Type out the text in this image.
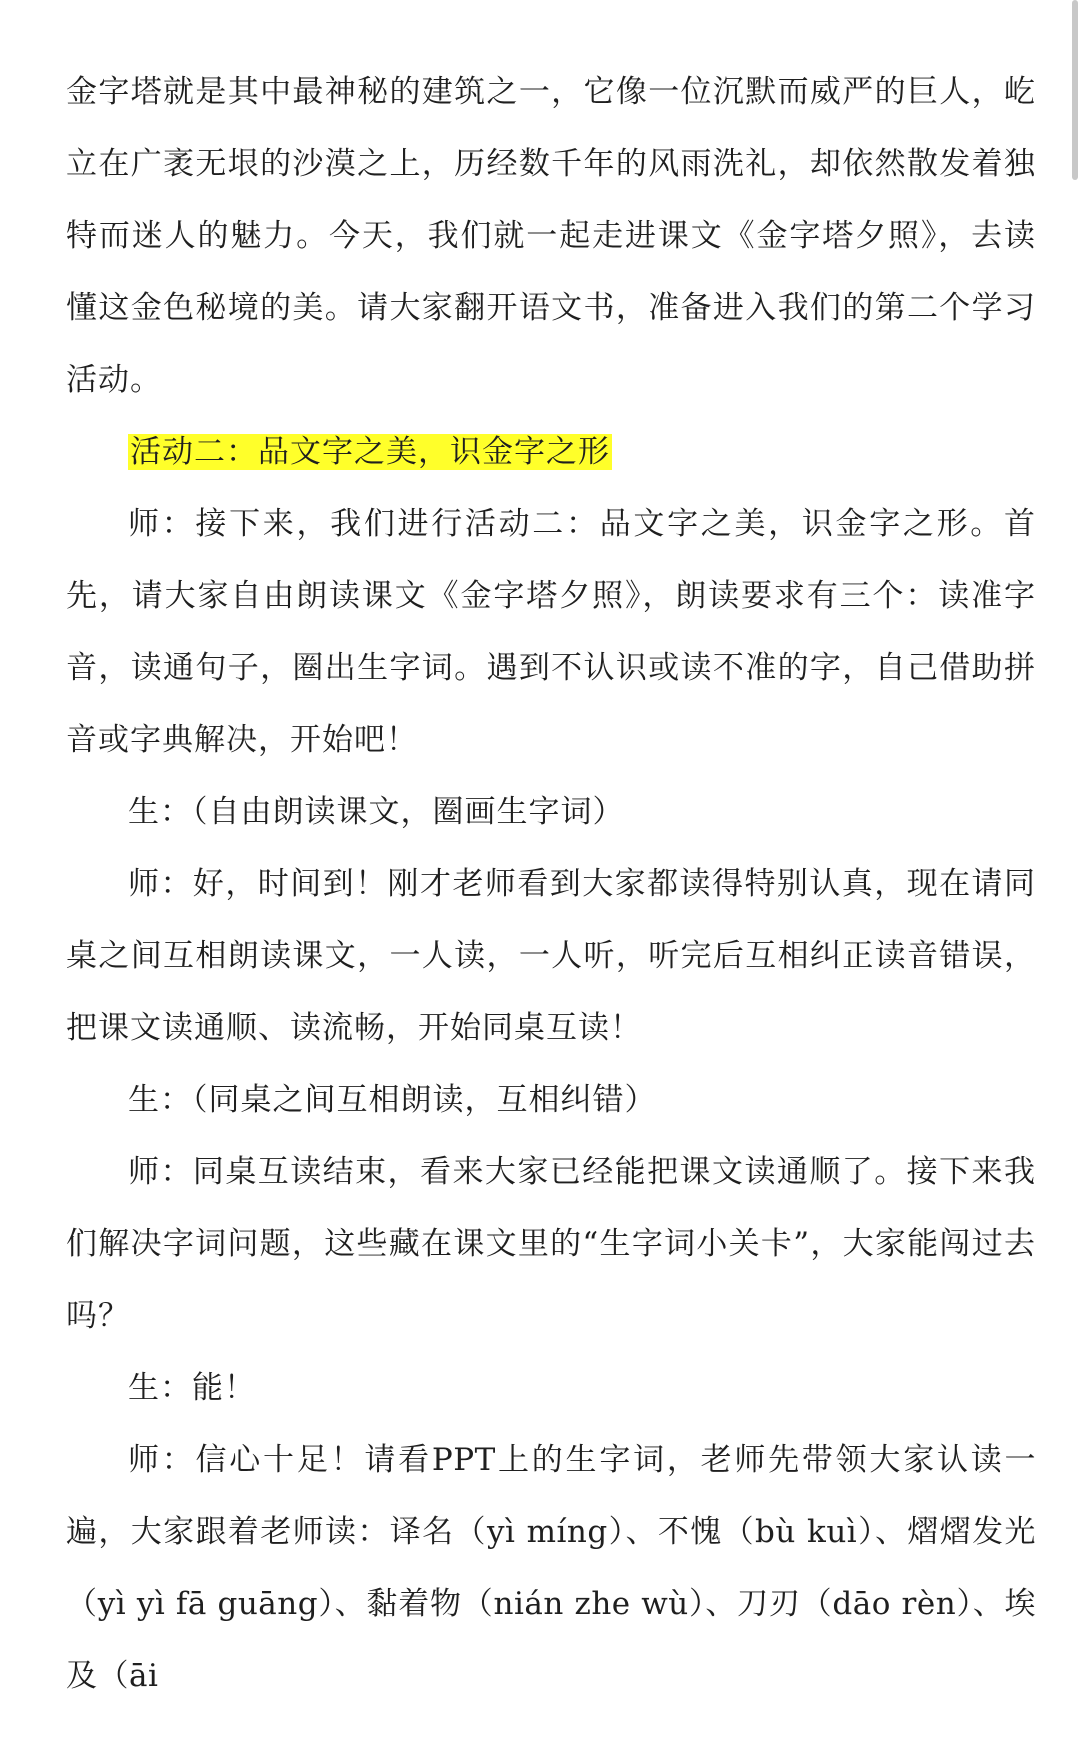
金字塔就是其中最神秘的建筑之一，它像一位沉默而威严的巨人，屹立在广袤无垠的沙漠之上，历经数千年的风雨洗礼，却依然散发着独特而迷人的魅力。今天，我们就一起走进课文《金字塔夕照》，去读懂这金色秘境的美。请大家翻开语文书，准备进入我们的第二个学习活动。

活动二：品文字之美，识金字之形

师：接下来，我们进行活动二：品文字之美，识金字之形。首先，请大家自由朗读课文《金字塔夕照》，朗读要求有三个：读准字音，读通句子，圈出生字词。遇到不认识或读不准的字，自己借助拼音或字典解决，开始吧！

生：（自由朗读课文，圈画生字词）

师：好，时间到！刚才老师看到大家都读得特别认真，现在请同桌之间互相朗读课文，一人读，一人听，听完后互相纠正读音错误，把课文读通顺、读流畅，开始同桌互读！

生：（同桌之间互相朗读，互相纠错）

师：同桌互读结束，看来大家已经能把课文读通顺了。接下来我们解决字词问题，这些藏在课文里的“生字词小关卡”，大家能闯过去吗？

生：能！

师：信心十足！请看PPT上的生字词，老师先带领大家认读一遍，大家跟着老师读：译名（yì míng）、不愧（bù kuì）、熠熠发光（yì yì fā guāng）、黏着物（nián zhe wù）、刀刃（dāo rèn）、埃及（āi
